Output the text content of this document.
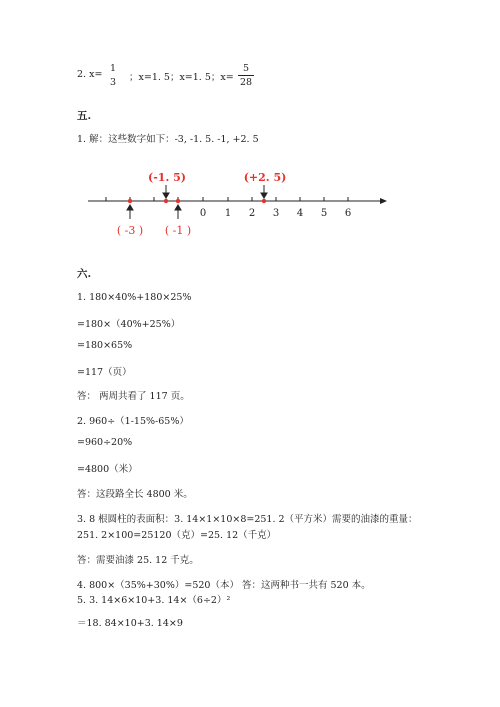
2. x=
1
3	；x=1. 5；x=1. 5；x=
5
28
五.
1. 解：这些数字如下：-3, -1. 5. -1, +2. 5
0 1 2 3 4 5 6
(-1. 5)	(+2. 5)
( -3 ) ( -1 )
六.
1. 180×40%+180×25%
=180×（40%+25%）
=180×65%
=117（页）
答： 两周共看了 117 页。
2. 960÷（1-15%-65%）
=960÷20%
=4800（米）
答：这段路全长 4800 米。
3. 8 根圆柱的表面积：3. 14×1×10×8=251. 2（平方米）需要的油漆的重量：
251. 2×100=25120（克）=25. 12（千克）
答：需要油漆 25. 12 千克。
4. 800×（35%+30%）=520（本） 答：这两种书一共有 520 本。
5. 3. 14×6×10+3. 14×（6÷2）²
＝18. 84×10+3. 14×9
